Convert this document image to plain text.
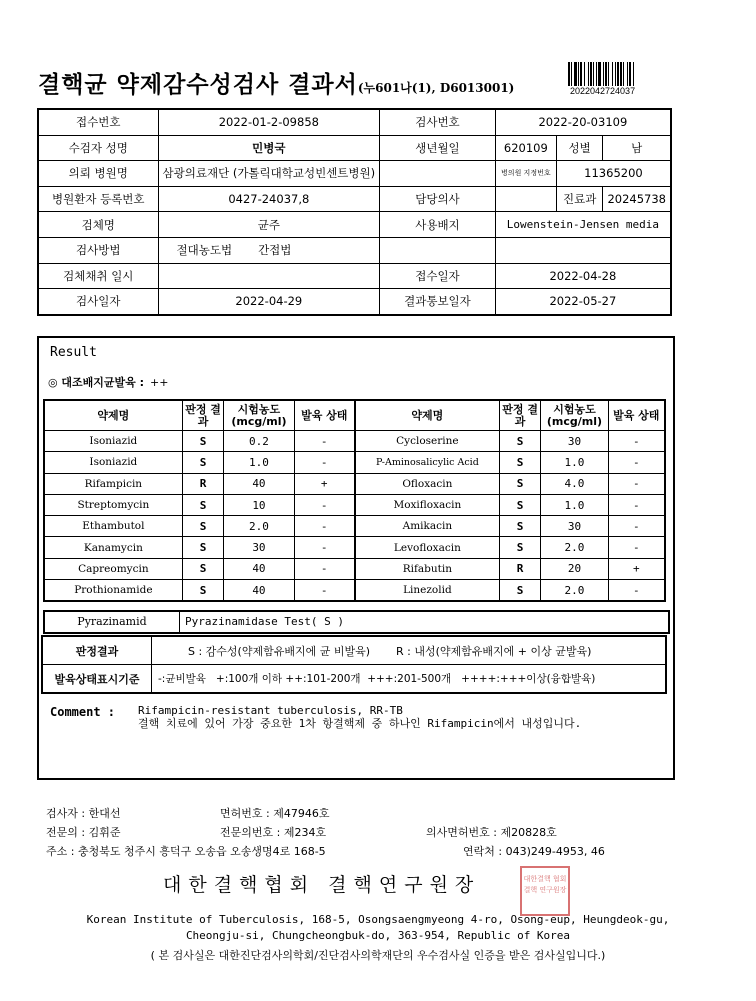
결핵균 약제감수성검사 결과서(누601나(1), D6013001)	2022042724037
접수번호	2022-01-2-09858	검사번호	2022-20-03109		
수검자 성명	민병국	생년월일	620109	성별	남
의뢰 병원명	삼광의료재단 (가톨릭대학교성빈센트병원)		병의원 지정번호	11365200	
병원환자 등록번호	0427-24037,8	담당의사		진료과	20245738
검체명	균주	사용배지	Lowenstein-Jensen media		
검사방법	절대농도법 간접법				
검체채취 일시		접수일자	2022-04-28		
검사일자	2022-04-29	결과통보일자	2022-05-27		
Result
◎ 대조배지균발육 : ++
약제명	판정 결과	시험농도 (mcg/ml)	발육 상태	약제명	판정 결과	시험농도 (mcg/ml)	발육 상태
Isoniazid	S	0.2	-	Cycloserine	S	30	-
Isoniazid	S	1.0	-	P-Aminosalicylic Acid	S	1.0	-
Rifampicin	R	40	+	Ofloxacin	S	4.0	-
Streptomycin	S	10	-	Moxifloxacin	S	1.0	-
Ethambutol	S	2.0	-	Amikacin	S	30	-
Kanamycin	S	30	-	Levofloxacin	S	2.0	-
Capreomycin	S	40	-	Rifabutin	R	20	+
Prothionamide	S	40	-	Linezolid	S	2.0	-
Pyrazinamid	Pyrazinamidase Test( S )
판정결과	S : 감수성(약제함유배지에 균 비발육) R : 내성(약제함유배지에 + 이상 균발육)
발육상태표시기준	-:균비발육   +:100개 이하 ++:101-200개  +++:201-500개   ++++:+++이상(융합발육)
Comment : Rifampicin-resistant tuberculosis, RR-TB
결핵 치료에 있어 가장 중요한 1차 항결핵제 중 하나인 Rifampicin에서 내성입니다.
검사자 : 한대선	면허번호 : 제47946호
전문의 : 김휘준	전문의번호 : 제234호	의사면허번호 : 제20828호
주소 : 충청북도 청주시 흥덕구 오송읍 오송생명4로 168-5	연락처 : 043)249-4953, 46
대한결핵협회 결핵연구원장	대한결핵 협회결핵 연구원장
Korean Institute of Tuberculosis, 168-5, Osongsaengmyeong 4-ro, Osong-eup, Heungdeok-gu,
Cheongju-si, Chungcheongbuk-do, 363-954, Republic of Korea
( 본 검사실은 대한진단검사의학회/진단검사의학재단의 우수검사실 인증을 받은 검사실입니다.)
